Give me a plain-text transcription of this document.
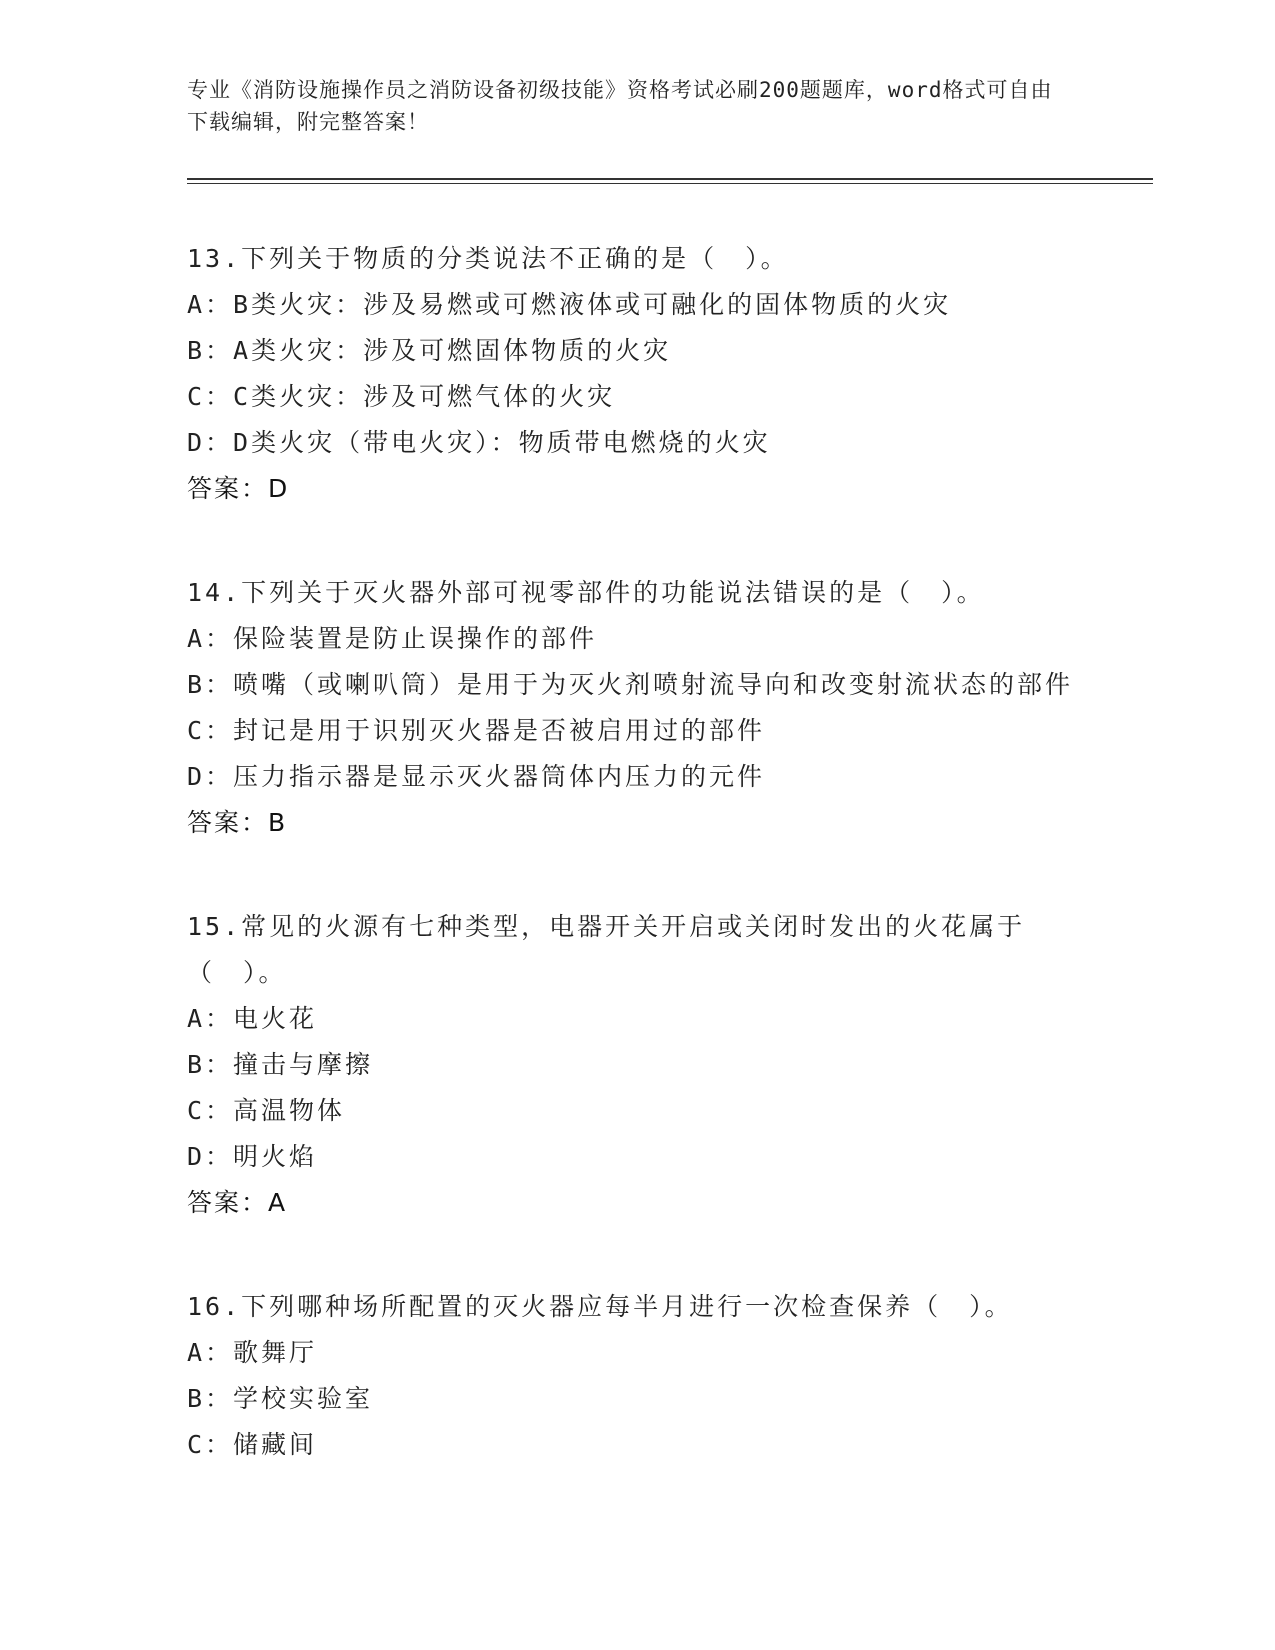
专业《消防设施操作员之消防设备初级技能》资格考试必刷200题题库，word格式可自由下载编辑，附完整答案！
13.下列关于物质的分类说法不正确的是（　）。
A：B类火灾：涉及易燃或可燃液体或可融化的固体物质的火灾
B：A类火灾：涉及可燃固体物质的火灾
C：C类火灾：涉及可燃气体的火灾
D：D类火灾（带电火灾）：物质带电燃烧的火灾
答案：D
14.下列关于灭火器外部可视零部件的功能说法错误的是（　）。
A：保险装置是防止误操作的部件
B：喷嘴（或喇叭筒）是用于为灭火剂喷射流导向和改变射流状态的部件
C：封记是用于识别灭火器是否被启用过的部件
D：压力指示器是显示灭火器筒体内压力的元件
答案：B
15.常见的火源有七种类型，电器开关开启或关闭时发出的火花属于（　）。
A：电火花
B：撞击与摩擦
C：高温物体
D：明火焰
答案：A
16.下列哪种场所配置的灭火器应每半月进行一次检查保养（　）。
A：歌舞厅
B：学校实验室
C：储藏间
